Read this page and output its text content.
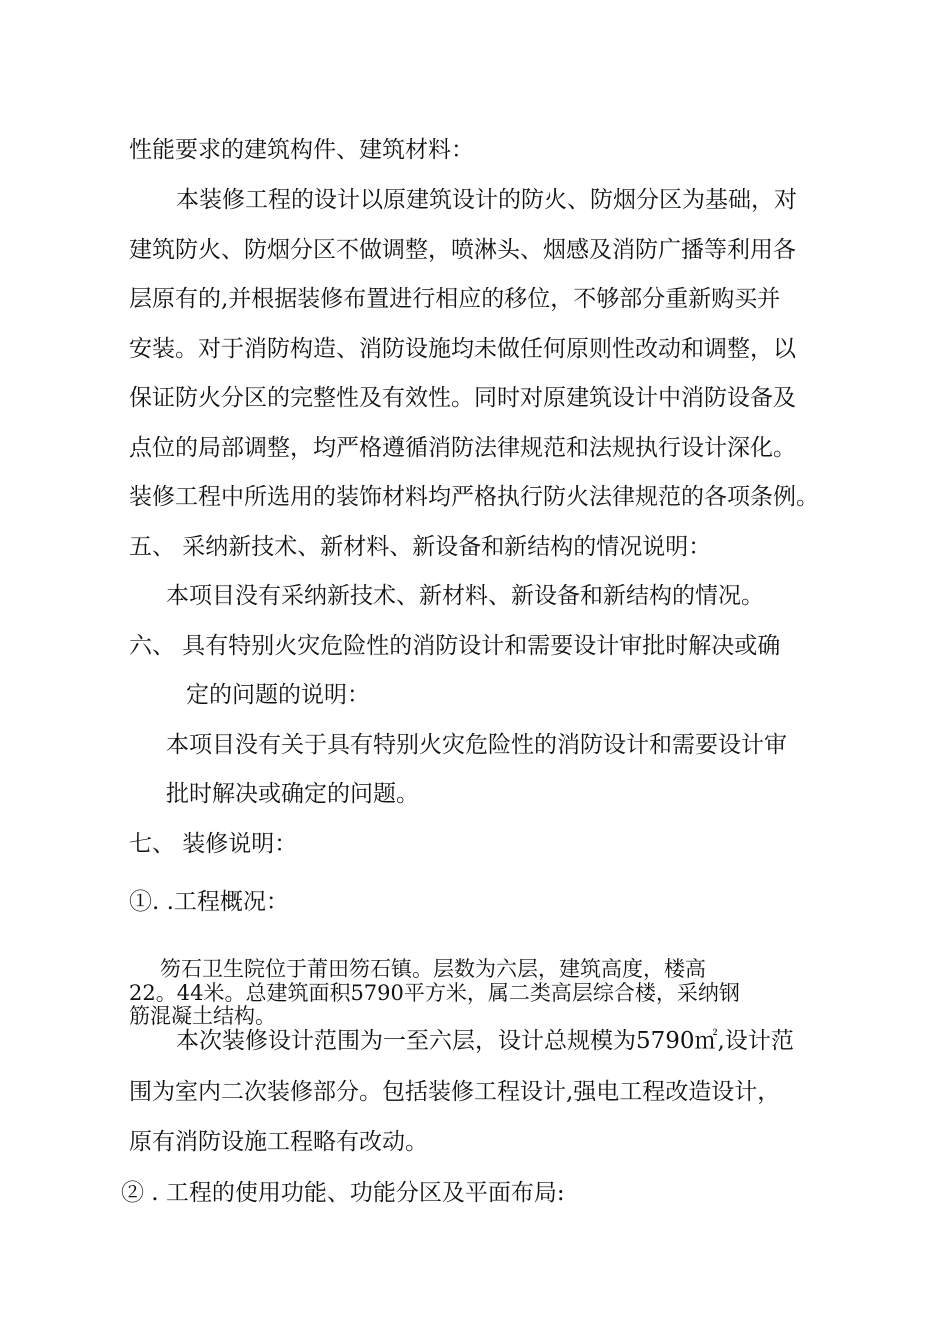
性能要求的建筑构件、建筑材料：
本装修工程的设计以原建筑设计的防火、防烟分区为基础，对
建筑防火、防烟分区不做调整，喷淋头、烟感及消防广播等利用各
层原有的,并根据装修布置进行相应的移位，不够部分重新购买并
安装。对于消防构造、消防设施均未做任何原则性改动和调整，以
保证防火分区的完整性及有效性。同时对原建筑设计中消防设备及
点位的局部调整，均严格遵循消防法律规范和法规执行设计深化。
装修工程中所选用的装饰材料均严格执行防火法律规范的各项条例。
五、 采纳新技术、新材料、新设备和新结构的情况说明：
本项目没有采纳新技术、新材料、新设备和新结构的情况。
六、 具有特别火灾危险性的消防设计和需要设计审批时解决或确
定的问题的说明：
本项目没有关于具有特别火灾危险性的消防设计和需要设计审
批时解决或确定的问题。
七、 装修说明：
①. .工程概况：
笏石卫生院位于莆田笏石镇。层数为六层，建筑高度，楼高
22。44米。总建筑面积5790平方米，属二类高层综合楼，采纳钢
筋混凝土结构。
本次装修设计范围为一至六层，设计总规模为5790㎡,设计范
围为室内二次装修部分。包括装修工程设计,强电工程改造设计，
原有消防设施工程略有改动。
② . 工程的使用功能、功能分区及平面布局:
